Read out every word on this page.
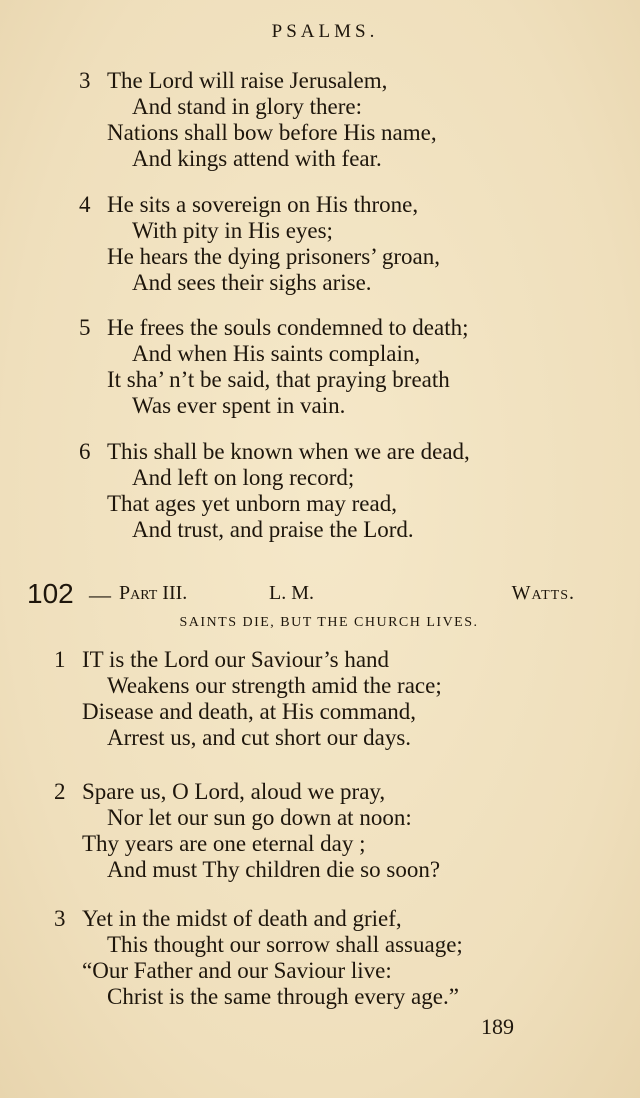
PSALMS.
3 The Lord will raise Jerusalem,
And stand in glory there:
Nations shall bow before His name,
And kings attend with fear.
4 He sits a sovereign on His throne,
With pity in His eyes;
He hears the dying prisoners’ groan,
And sees their sighs arise.
5 He frees the souls condemned to death;
And when His saints complain,
It sha’ n’t be said, that praying breath
Was ever spent in vain.
6 This shall be known when we are dead,
And left on long record;
That ages yet unborn may read,
And trust, and praise the Lord.
102 — Part III.	L. M.	Watts.
SAINTS DIE, BUT THE CHURCH LIVES.
1 IT is the Lord our Saviour’s hand
Weakens our strength amid the race;
Disease and death, at His command,
Arrest us, and cut short our days.
2 Spare us, O Lord, aloud we pray,
Nor let our sun go down at noon:
Thy years are one eternal day ;
And must Thy children die so soon?
3 Yet in the midst of death and grief,
This thought our sorrow shall assuage;
“Our Father and our Saviour live:
Christ is the same through every age.”
189
